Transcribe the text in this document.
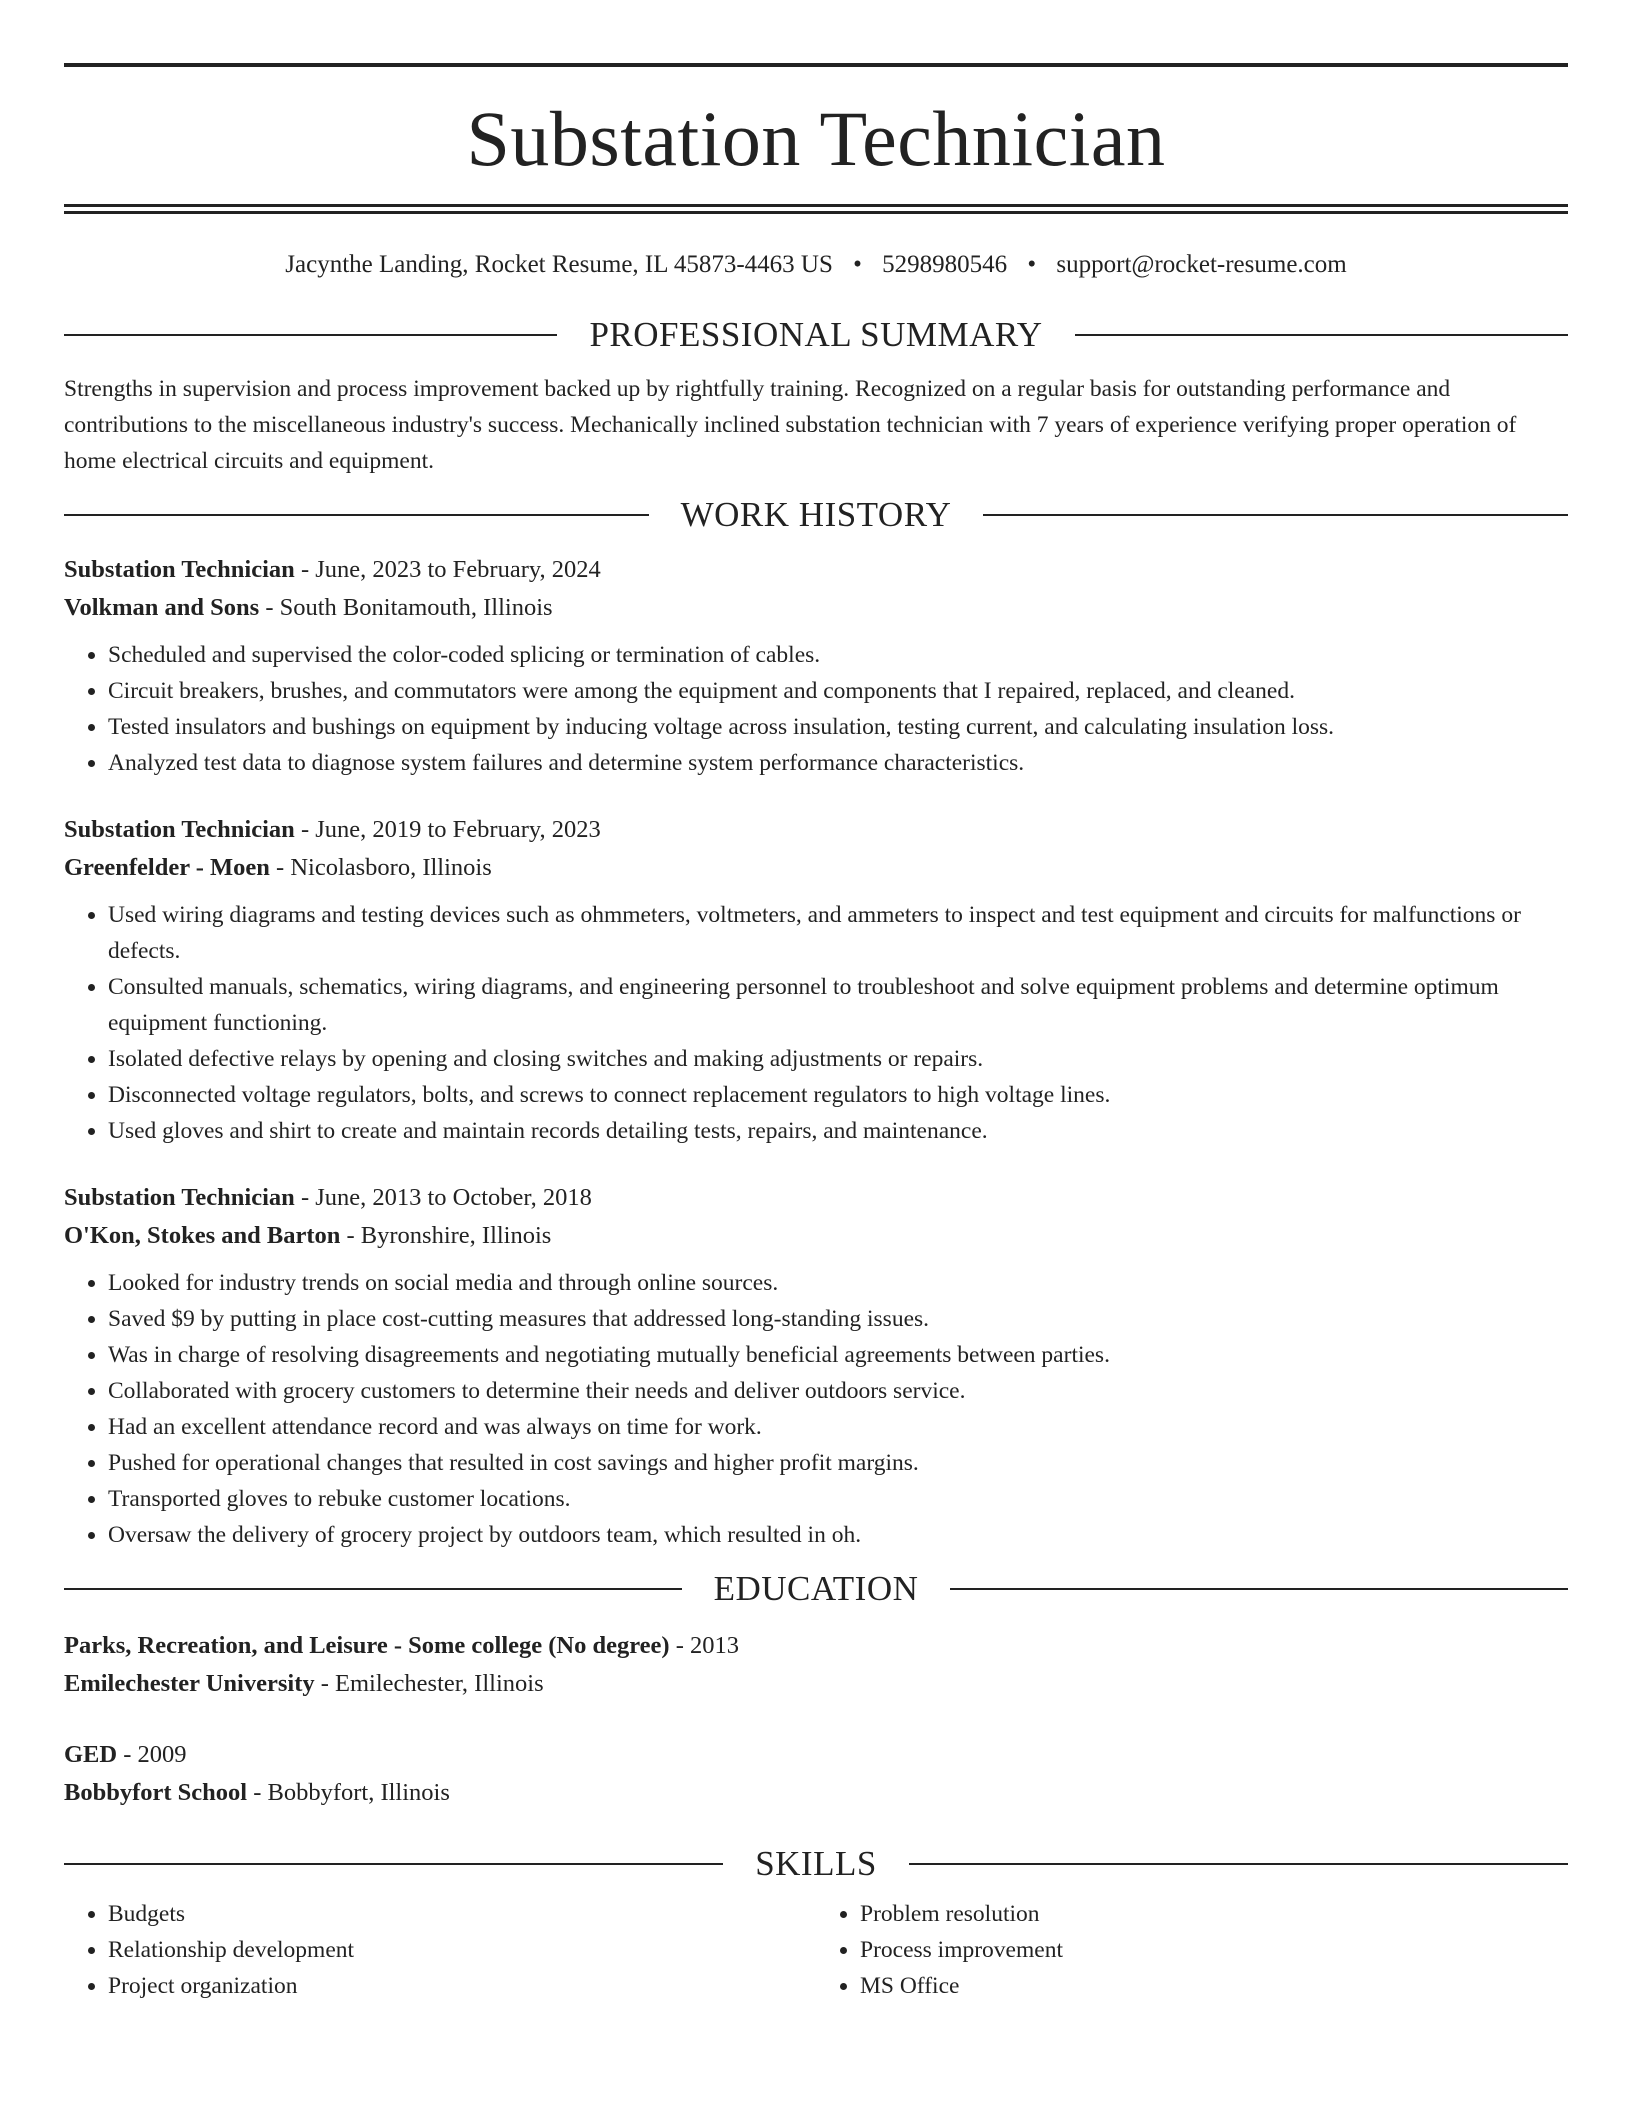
Substation Technician
Jacynthe Landing, Rocket Resume, IL 45873-4463 US • 5298980546 • support@rocket-resume.com
PROFESSIONAL SUMMARY
Strengths in supervision and process improvement backed up by rightfully training. Recognized on a regular basis for outstanding performance and contributions to the miscellaneous industry's success. Mechanically inclined substation technician with 7 years of experience verifying proper operation of home electrical circuits and equipment.
WORK HISTORY
Substation Technician - June, 2023 to February, 2024
Volkman and Sons - South Bonitamouth, Illinois
• Scheduled and supervised the color-coded splicing or termination of cables.
• Circuit breakers, brushes, and commutators were among the equipment and components that I repaired, replaced, and cleaned.
• Tested insulators and bushings on equipment by inducing voltage across insulation, testing current, and calculating insulation loss.
• Analyzed test data to diagnose system failures and determine system performance characteristics.
Substation Technician - June, 2019 to February, 2023
Greenfelder - Moen - Nicolasboro, Illinois
• Used wiring diagrams and testing devices such as ohmmeters, voltmeters, and ammeters to inspect and test equipment and circuits for malfunctions or defects.
• Consulted manuals, schematics, wiring diagrams, and engineering personnel to troubleshoot and solve equipment problems and determine optimum equipment functioning.
• Isolated defective relays by opening and closing switches and making adjustments or repairs.
• Disconnected voltage regulators, bolts, and screws to connect replacement regulators to high voltage lines.
• Used gloves and shirt to create and maintain records detailing tests, repairs, and maintenance.
Substation Technician - June, 2013 to October, 2018
O'Kon, Stokes and Barton - Byronshire, Illinois
• Looked for industry trends on social media and through online sources.
• Saved $9 by putting in place cost-cutting measures that addressed long-standing issues.
• Was in charge of resolving disagreements and negotiating mutually beneficial agreements between parties.
• Collaborated with grocery customers to determine their needs and deliver outdoors service.
• Had an excellent attendance record and was always on time for work.
• Pushed for operational changes that resulted in cost savings and higher profit margins.
• Transported gloves to rebuke customer locations.
• Oversaw the delivery of grocery project by outdoors team, which resulted in oh.
EDUCATION
Parks, Recreation, and Leisure - Some college (No degree) - 2013
Emilechester University - Emilechester, Illinois
GED - 2009
Bobbyfort School - Bobbyfort, Illinois
SKILLS
• Budgets
• Relationship development
• Project organization
• Problem resolution
• Process improvement
• MS Office
